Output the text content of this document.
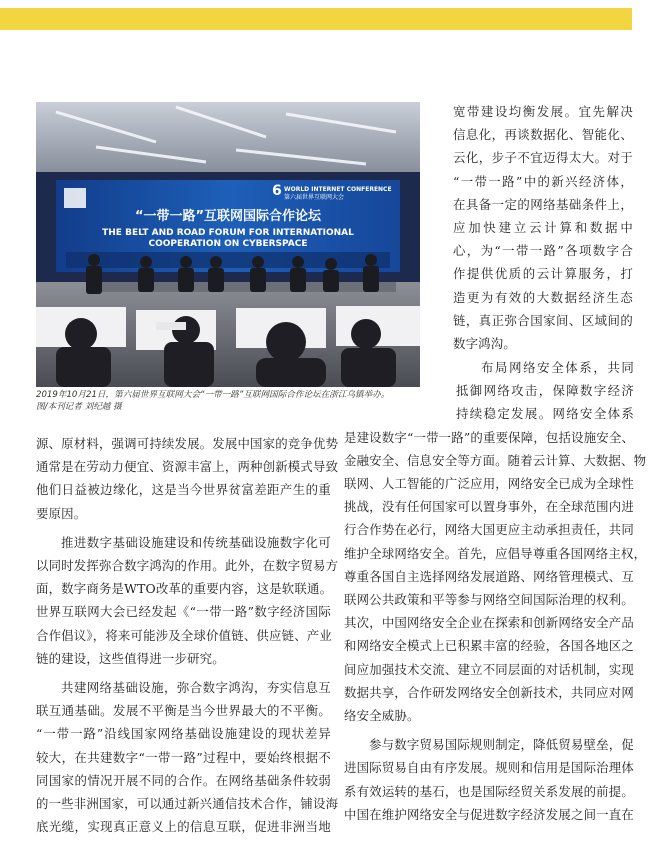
6 WORLD INTERNET CONFERENCE
第六届世界互联网大会
“一带一路”互联网国际合作论坛
THE BELT AND ROAD FORUM FOR INTERNATIONAL
COOPERATION ON CYBERSPACE

2019年10月21日，第六届世界互联网大会“一带一路”互联网国际合作论坛在浙江乌镇举办。

图/本刊记者 刘纪越 摄

宽带建设均衡发展。宜先解决
信息化，再谈数据化、智能化、
云化，步子不宜迈得太大。对于
“一带一路”中的新兴经济体，
在具备一定的网络基础条件上，
应加快建立云计算和数据中
心，为“一带一路”各项数字合
作提供优质的云计算服务，打
造更为有效的大数据经济生态
链，真正弥合国家间、区域间的
数字鸿沟。
布局网络安全体系，共同
抵御网络攻击，保障数字经济
持续稳定发展。网络安全体系
是建设数字“一带一路”的重要保障，包括设施安全、
金融安全、信息安全等方面。随着云计算、大数据、物
联网、人工智能的广泛应用，网络安全已成为全球性
挑战，没有任何国家可以置身事外，在全球范围内进
行合作势在必行，网络大国更应主动承担责任，共同
维护全球网络安全。首先，应倡导尊重各国网络主权，
尊重各国自主选择网络发展道路、网络管理模式、互
联网公共政策和平等参与网络空间国际治理的权利。
其次，中国网络安全企业在探索和创新网络安全产品
和网络安全模式上已积累丰富的经验，各国各地区之
间应加强技术交流、建立不同层面的对话机制，实现
数据共享，合作研发网络安全创新技术，共同应对网
络安全威胁。
参与数字贸易国际规则制定，降低贸易壁垒，促
进国际贸易自由有序发展。规则和信用是国际治理体
系有效运转的基石，也是国际经贸关系发展的前提。
中国在维护网络安全与促进数字经济发展之间一直在
源、原材料，强调可持续发展。发展中国家的竞争优势
通常是在劳动力便宜、资源丰富上，两种创新模式导致
他们日益被边缘化，这是当今世界贫富差距产生的重
要原因。
推进数字基础设施建设和传统基础设施数字化可
以同时发挥弥合数字鸿沟的作用。此外，在数字贸易方
面，数字商务是WTO改革的重要内容，这是软联通。
世界互联网大会已经发起《“一带一路”数字经济国际
合作倡议》，将来可能涉及全球价值链、供应链、产业
链的建设，这些值得进一步研究。
共建网络基础设施，弥合数字鸿沟，夯实信息互
联互通基础。发展不平衡是当今世界最大的不平衡。
“一带一路”沿线国家网络基础设施建设的现状差异
较大，在共建数字“一带一路”过程中，要始终根据不
同国家的情况开展不同的合作。在网络基础条件较弱
的一些非洲国家，可以通过新兴通信技术合作，铺设海
底光缆，实现真正意义上的信息互联，促进非洲当地
